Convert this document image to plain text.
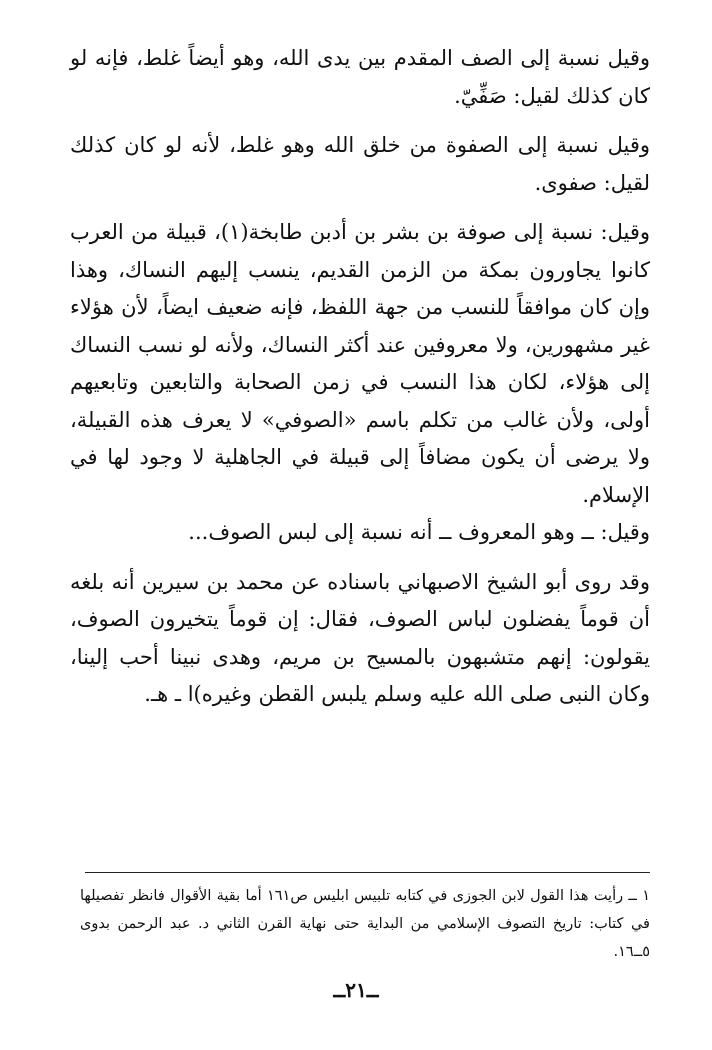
وقيل نسبة إلى الصف المقدم بين يدى الله، وهو أيضاً غلط، فإنه لو كان كذلك لقيل: صَفِّيّ.

وقيل نسبة إلى الصفوة من خلق الله وهو غلط، لأنه لو كان كذلك لقيل: صفوى.

وقيل: نسبة إلى صوفة بن بشر بن أدبن طابخة(١)، قبيلة من العرب كانوا يجاورون بمكة من الزمن القديم، ينسب إليهم النساك، وهذا وإن كان موافقاً للنسب من جهة اللفظ، فإنه ضعيف ايضاً، لأن هؤلاء غير مشهورين، ولا معروفين عند أكثر النساك، ولأنه لو نسب النساك إلى هؤلاء، لكان هذا النسب في زمن الصحابة والتابعين وتابعيهم أولى، ولأن غالب من تكلم باسم «الصوفي» لا يعرف هذه القبيلة، ولا يرضى أن يكون مضافاً إلى قبيلة في الجاهلية لا وجود لها في الإسلام.

وقيل: ــ وهو المعروف ــ أنه نسبة إلى لبس الصوف...

وقد روى أبو الشيخ الاصبهاني باسناده عن محمد بن سيرين أنه بلغه أن قوماً يفضلون لباس الصوف، فقال: إن قوماً يتخيرون الصوف، يقولون: إنهم متشبهون بالمسيح بن مريم، وهدى نبينا أحب إلينا، وكان النبى صلى الله عليه وسلم يلبس القطن وغيره)ا ـ هـ.

١ ــ رأيت هذا القول لابن الجوزى في كتابه تلبيس ابليس ص١٦١ أما بقية الأقوال فانظر تفصيلها في كتاب: تاريخ التصوف الإسلامي من البداية حتى نهاية القرن الثاني د. عبد الرحمن بدوى ٥ــ١٦.

ــ٢١ــ
